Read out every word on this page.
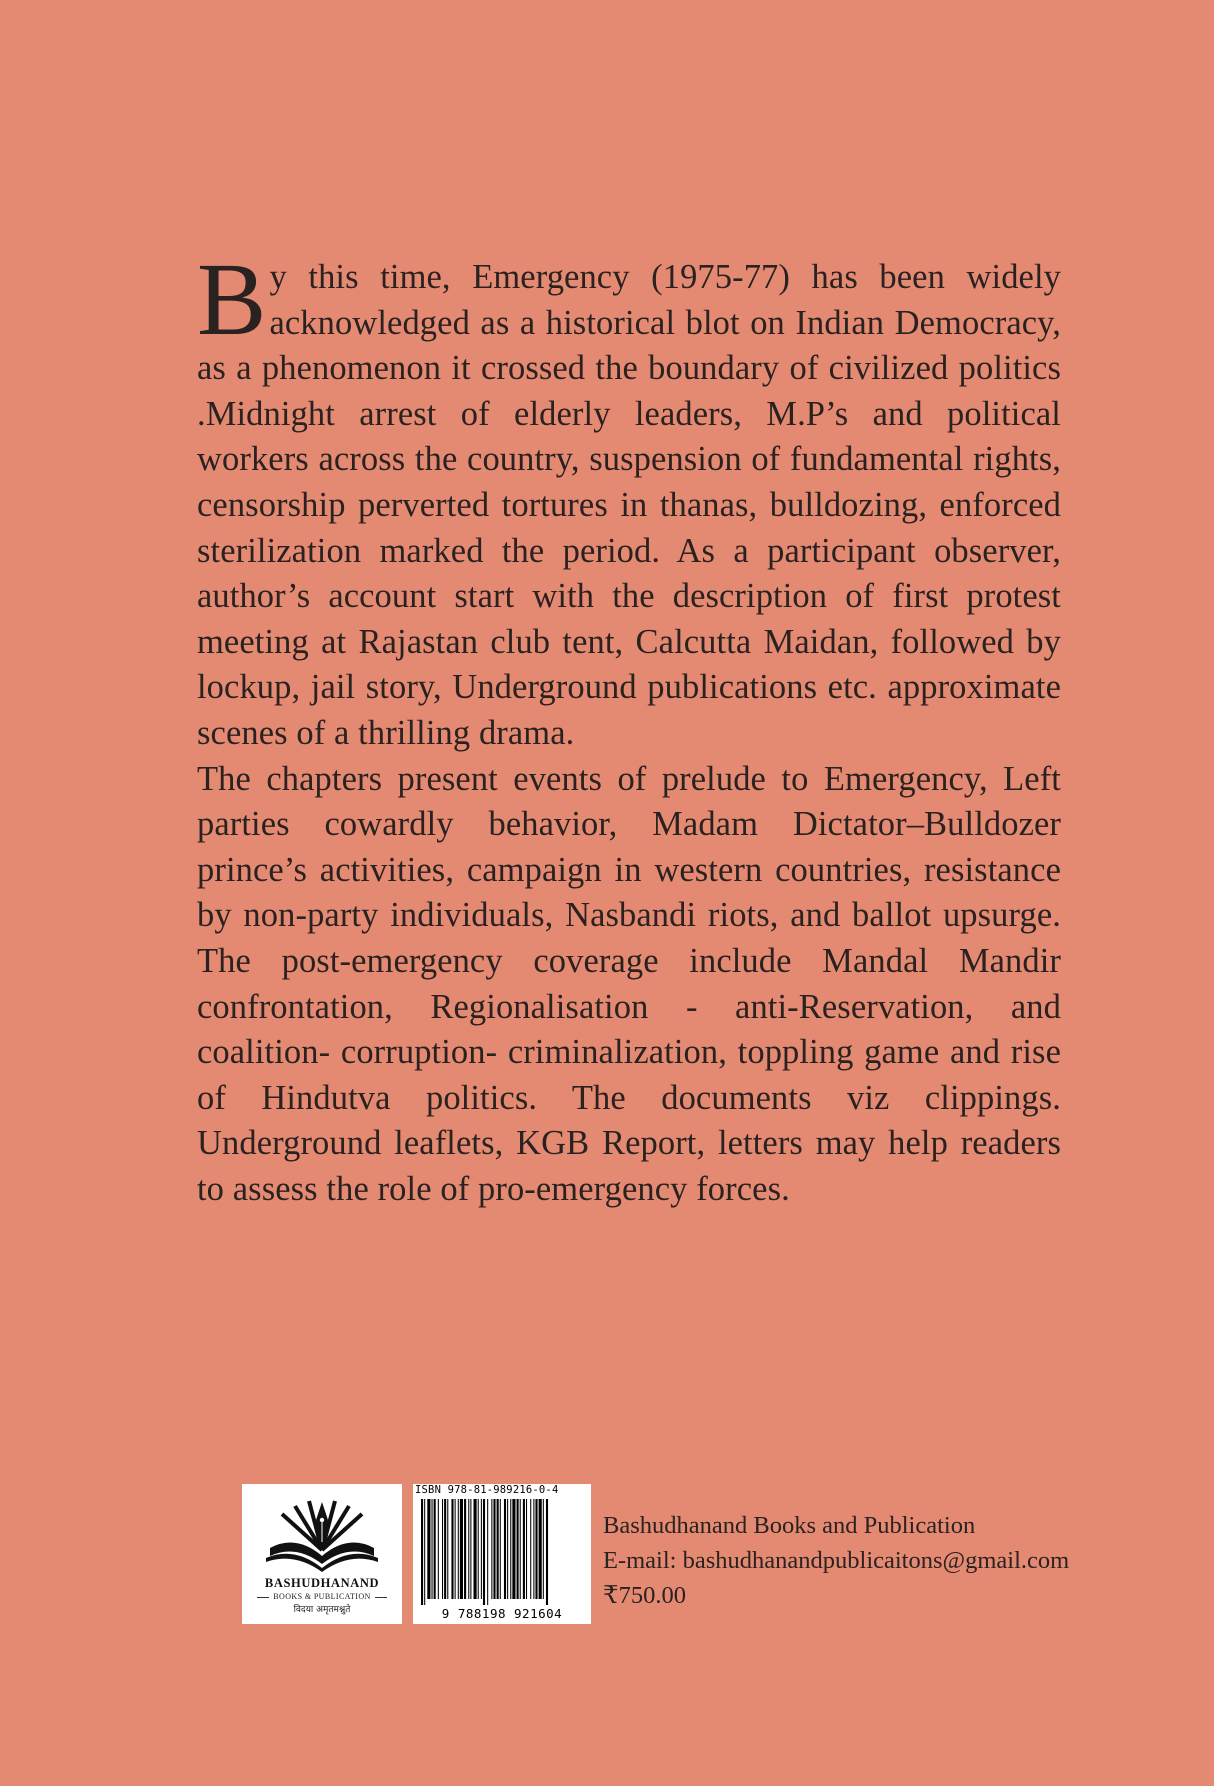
By this time, Emergency (1975-77) has been widely acknowledged as a historical blot on Indian Democracy, as a phenomenon it crossed the boundary of civilized politics .Midnight arrest of elderly leaders, M.P’s and political workers across the country, suspension of fundamental rights, censorship perverted tortures in thanas, bulldozing, enforced sterilization marked the period. As a participant observer, author’s account start with the description of first protest meeting at Rajastan club tent, Calcutta Maidan, followed by lockup, jail story, Underground publications etc. approximate scenes of a thrilling drama.

The chapters present events of prelude to Emergency, Left parties cowardly behavior, Madam Dictator–Bulldozer prince’s activities, campaign in western countries, resistance by non-party individuals, Nasbandi riots, and ballot upsurge. The post-emergency coverage include Mandal Mandir confrontation, Regionalisation - anti-Reservation, and coalition- corruption- criminalization, toppling game and rise of Hindutva politics. The documents viz clippings. Underground leaflets, KGB Report, letters may help readers to assess the role of pro-emergency forces.

BASHUDHANAND
BOOKS & PUBLICATION
विदया अमृतमश्नुते
ISBN 978-81-989216-0-4
9 788198 921604
Bashudhanand Books and Publication
E-mail: bashudhanandpublicaitons@gmail.com
₹750.00
